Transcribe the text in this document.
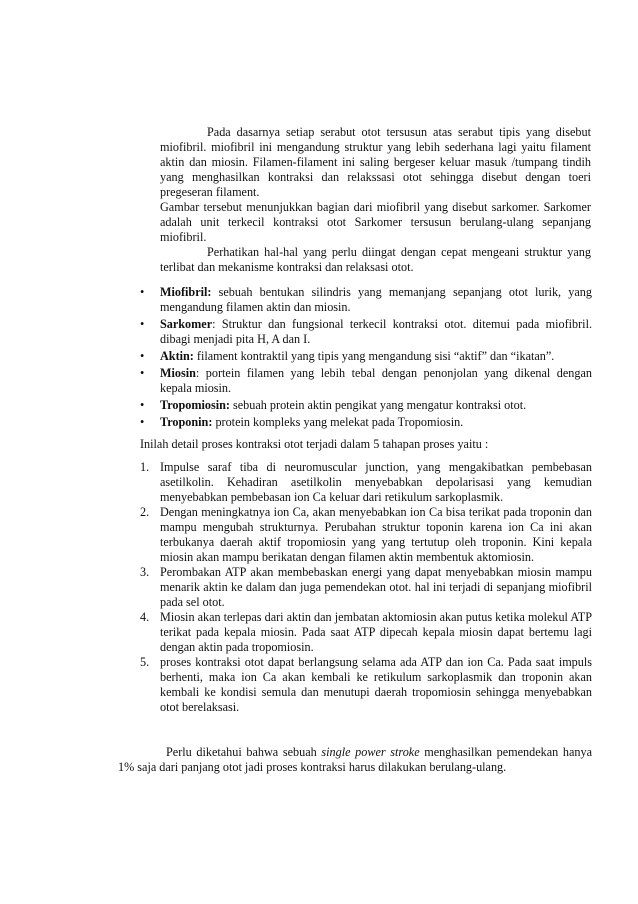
Pada dasarnya setiap serabut otot tersusun atas serabut tipis yang disebut miofibril. miofibril ini mengandung struktur yang lebih sederhana lagi yaitu filament aktin dan miosin. Filamen-filament ini saling bergeser keluar masuk /tumpang tindih yang menghasilkan kontraksi dan relakssasi otot sehingga disebut dengan toeri pregeseran filament.
Gambar tersebut menunjukkan bagian dari miofibril yang disebut sarkomer. Sarkomer adalah unit terkecil kontraksi otot Sarkomer tersusun berulang-ulang sepanjang miofibril.
Perhatikan hal-hal yang perlu diingat dengan cepat mengeani struktur yang terlibat dan mekanisme kontraksi dan relaksasi otot.
•	Miofibril: sebuah bentukan silindris yang memanjang sepanjang otot lurik, yang mengandung filamen aktin dan miosin.
•	Sarkomer: Struktur dan fungsional terkecil kontraksi otot. ditemui pada miofibril. dibagi menjadi pita H, A dan I.
•	Aktin: filament kontraktil yang tipis yang mengandung sisi “aktif” dan “ikatan”.
•	Miosin: portein filamen yang lebih tebal dengan penonjolan yang dikenal dengan kepala miosin.
•	Tropomiosin: sebuah protein aktin pengikat yang mengatur kontraksi otot.
•	Troponin: protein kompleks yang melekat pada Tropomiosin.
Inilah detail proses kontraksi otot terjadi dalam 5 tahapan proses yaitu :
1. Impulse saraf tiba di neuromuscular junction, yang mengakibatkan pembebasan asetilkolin. Kehadiran asetilkolin menyebabkan depolarisasi yang kemudian menyebabkan pembebasan ion Ca keluar dari retikulum sarkoplasmik.
2. Dengan meningkatnya ion Ca, akan menyebabkan ion Ca bisa terikat pada troponin dan mampu mengubah strukturnya. Perubahan struktur toponin karena ion Ca ini akan terbukanya daerah aktif tropomiosin yang yang tertutup oleh troponin. Kini kepala miosin akan mampu berikatan dengan filamen aktin membentuk aktomiosin.
3. Perombakan ATP akan membebaskan energi yang dapat menyebabkan miosin mampu menarik aktin ke dalam dan juga pemendekan otot. hal ini terjadi di sepanjang miofibril pada sel otot.
4. Miosin akan terlepas dari aktin dan jembatan aktomiosin akan putus ketika molekul ATP terikat pada kepala miosin. Pada saat ATP dipecah kepala miosin dapat bertemu lagi dengan aktin pada tropomiosin.
5. proses kontraksi otot dapat berlangsung selama ada ATP dan ion Ca. Pada saat impuls berhenti, maka ion Ca akan kembali ke retikulum sarkoplasmik dan troponin akan kembali ke kondisi semula dan menutupi daerah tropomiosin sehingga menyebabkan otot berelaksasi.
Perlu diketahui bahwa sebuah single power stroke menghasilkan pemendekan hanya 1% saja dari panjang otot jadi proses kontraksi harus dilakukan berulang-ulang.
